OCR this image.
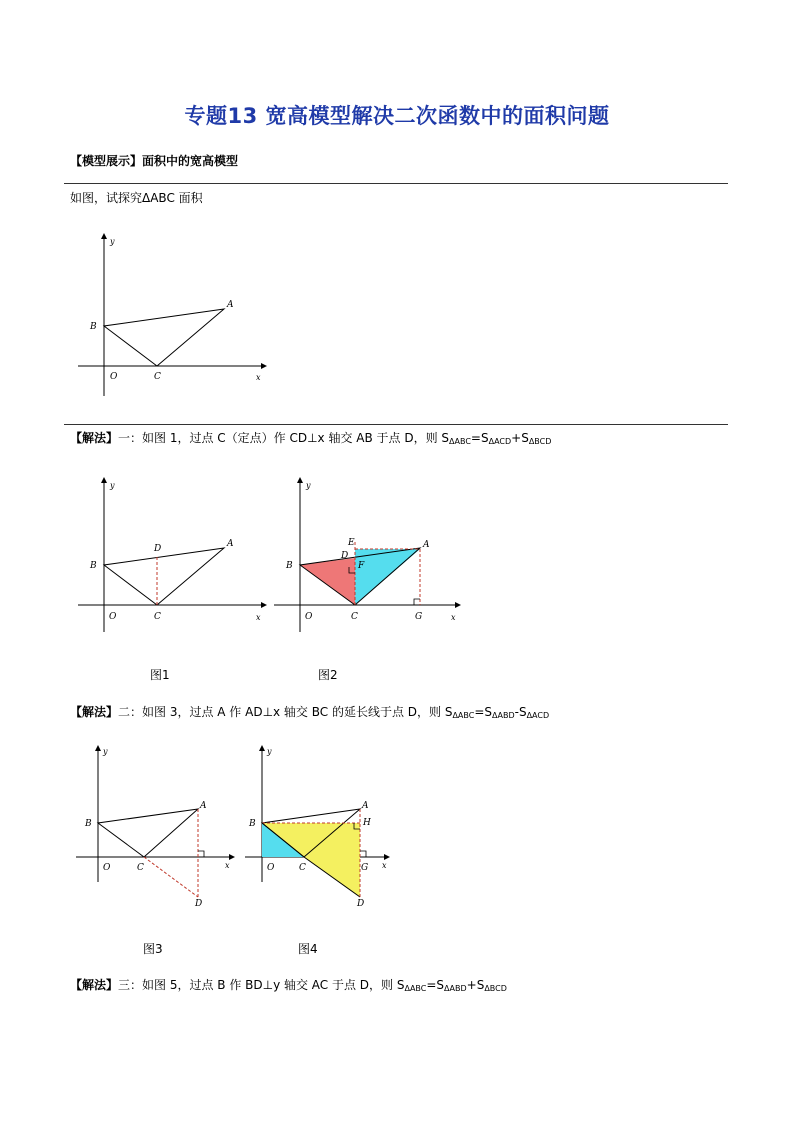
专题13 宽高模型解决二次函数中的面积问题
【模型展示】面积中的宽高模型
如图，试探究ΔABC 面积
x
y
O	C
B
A
【解法】一：如图 1，过点 C（定点）作 CD⊥x 轴交 AB 于点 D，则 $S_{\Delta ABC}=S_{\Delta ACD}+S_{\Delta BCD}$
x
y
O	C
B
A
D
x
y
O	C
B
A
D
E
F
G
图1	图2
【解法】二：如图 3，过点 A 作 AD⊥x 轴交 BC 的延长线于点 D，则 $S_{\Delta ABC}=S_{\Delta ABD}-S_{\Delta ACD}$
x
y
O	C
B
A
D
x
y
O	C
B
A
H
G
D
图3	图4
【解法】三：如图 5，过点 B 作 BD⊥y 轴交 AC 于点 D，则 $S_{\Delta ABC}=S_{\Delta ABD}+S_{\Delta BCD}$
